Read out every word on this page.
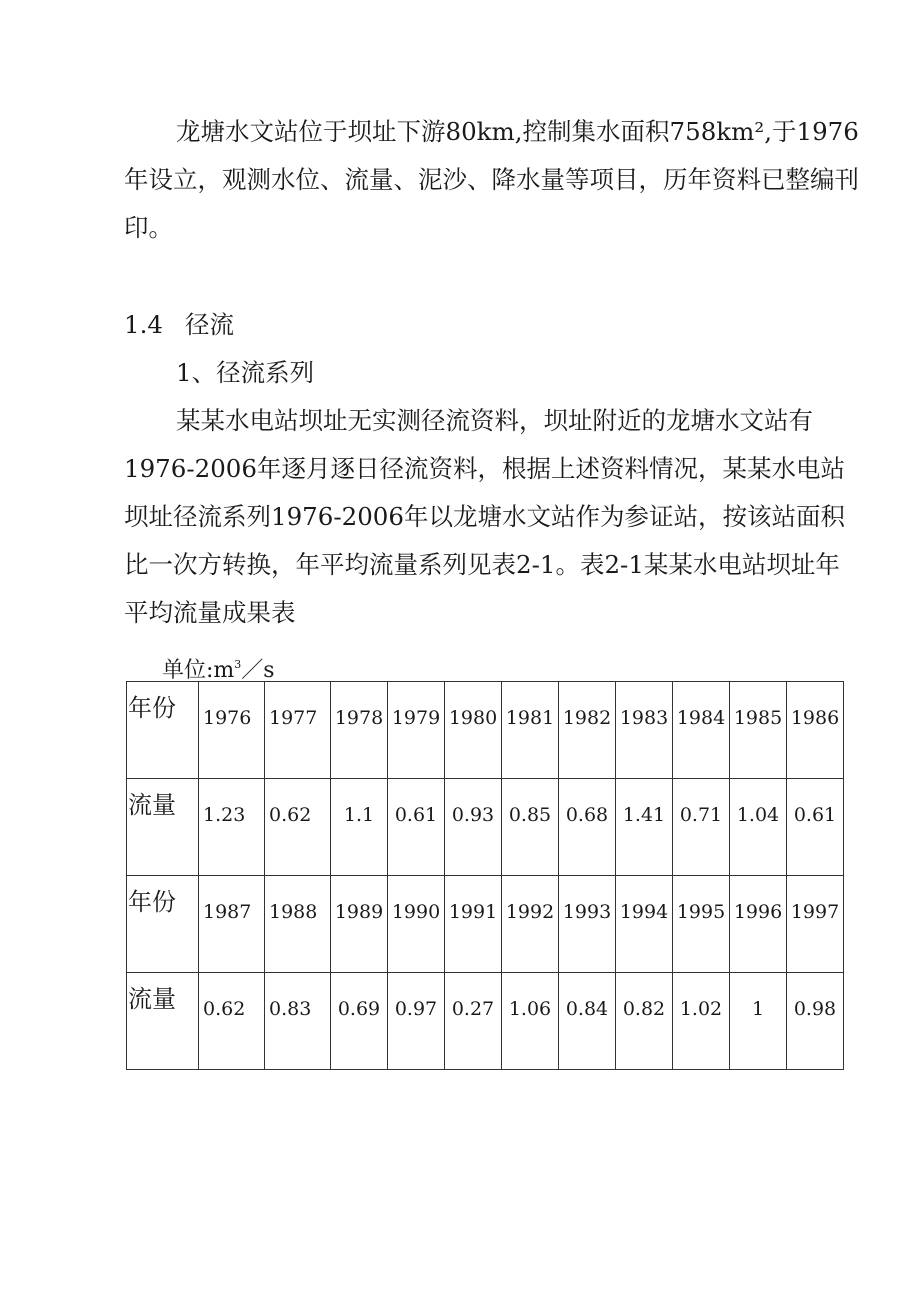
龙塘水文站位于坝址下游80km,控制集水面积758km²,于1976年设立，观测水位、流量、泥沙、降水量等项目，历年资料已整编刊印。

1.4 径流
1、径流系列

某某水电站坝址无实测径流资料，坝址附近的龙塘水文站有1976-2006年逐月逐日径流资料，根据上述资料情况，某某水电站坝址径流系列1976-2006年以龙塘水文站作为参证站，按该站面积比一次方转换，年平均流量系列见表2-1。表2-1某某水电站坝址年平均流量成果表

单位$:m^3/s$
年份	1976	1977	1978	1979	1980	1981	1982	1983	1984	1985	1986

流量	1.23	0.62	1.1	0.61	0.93	0.85	0.68	1.41	0.71	1.04	0.61

年份	1987	1988	1989	1990	1991	1992	1993	1994	1995	1996	1997

流量	0.62	0.83	0.69	0.97	0.27	1.06	0.84	0.82	1.02	1	0.98
